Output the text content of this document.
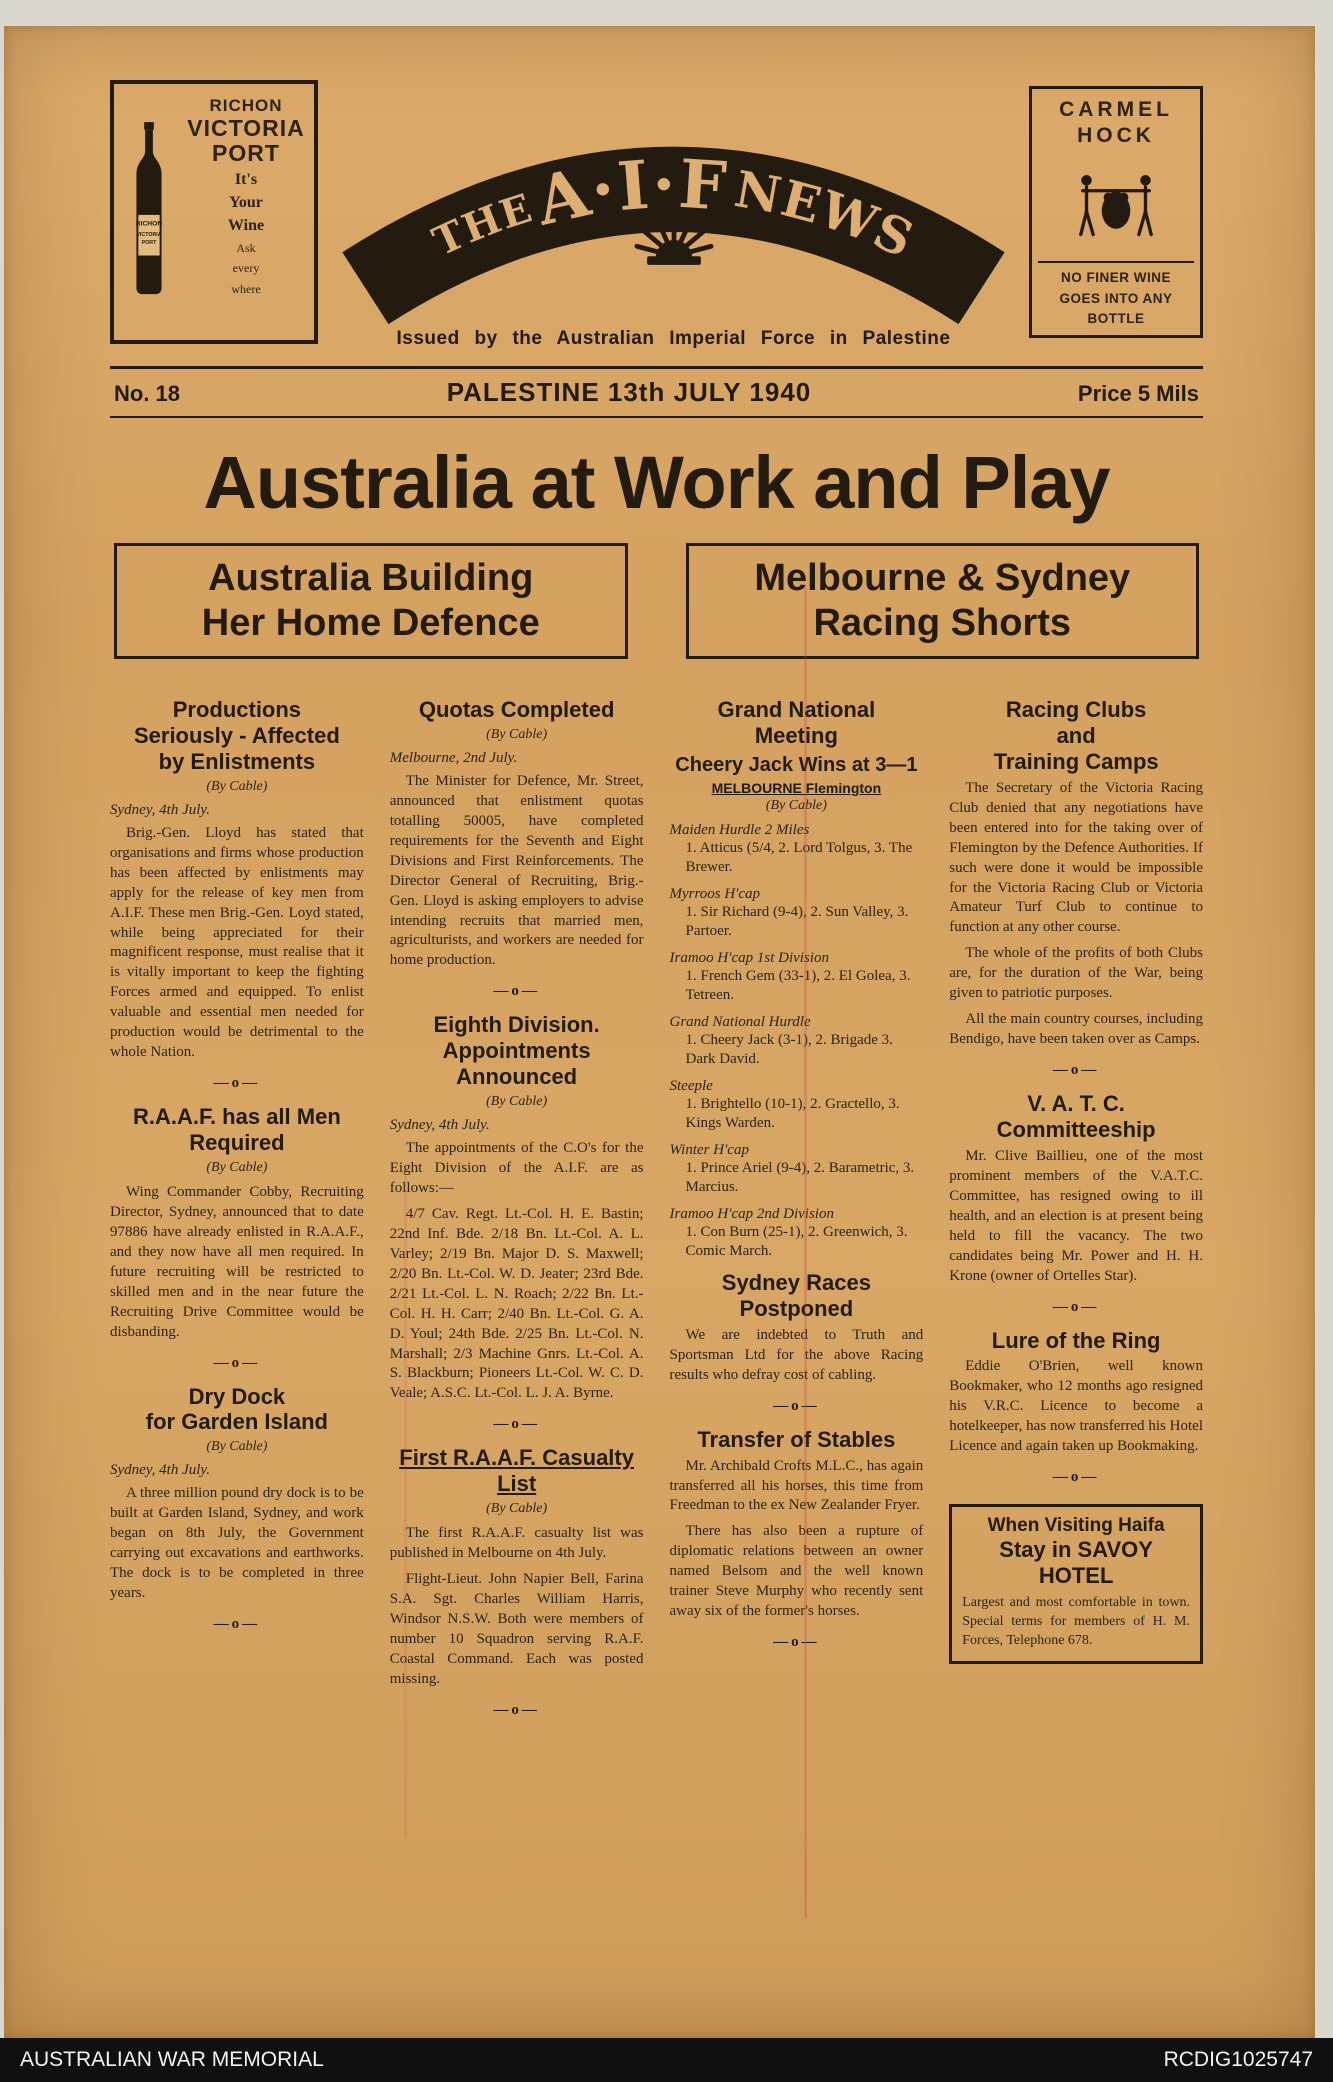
RICHON
VICTORIA
PORT
RICHON
VICTORIA
PORT
It's
Your
Wine
Ask
every
where
THE A·I·F NEWS
Issued by the Australian Imperial Force in Palestine
CARMEL
HOCK
NO FINER WINE
GOES INTO ANY
BOTTLE
No. 18	PALESTINE 13th JULY 1940	Price 5 Mils
Australia at Work and Play
Australia Building
Her Home Defence
Melbourne & Sydney
Racing Shorts
Productions
Seriously - Affected
by Enlistments
(By Cable)
Sydney, 4th July.

Brig.-Gen. Lloyd has stated that organisations and firms whose production has been affected by enlistments may apply for the release of key men from A.I.F. These men Brig.-Gen. Loyd stated, while being appreciated for their magnificent response, must realise that it is vitally important to keep the fighting Forces armed and equipped. To enlist valuable and essential men needed for production would be detrimental to the whole Nation.

—o—
R.A.A.F. has all Men
Required
(By Cable)

Wing Commander Cobby, Recruiting Director, Sydney, announced that to date 97886 have already enlisted in R.A.A.F., and they now have all men required. In future recruiting will be restricted to skilled men and in the near future the Recruiting Drive Committee would be disbanding.

—o—
Dry Dock
for Garden Island
(By Cable)
Sydney, 4th July.

A three million pound dry dock is to be built at Garden Island, Sydney, and work began on 8th July, the Government carrying out excavations and earthworks. The dock is to be completed in three years.

—o—
Quotas Completed
(By Cable)
Melbourne, 2nd July.

The Minister for Defence, Mr. Street, announced that enlistment quotas totalling 50005, have completed requirements for the Seventh and Eight Divisions and First Reinforcements. The Director General of Recruiting, Brig.-Gen. Lloyd is asking employers to advise intending recruits that married men, agriculturists, and workers are needed for home production.

—o—
Eighth Division.
Appointments
Announced
(By Cable)
Sydney, 4th July.

The appointments of the C.O's for the Eight Division of the A.I.F. are as follows:—

4/7 Cav. Regt. Lt.-Col. H. E. Bastin; 22nd Inf. Bde. 2/18 Bn. Lt.-Col. A. L. Varley; 2/19 Bn. Major D. S. Maxwell; 2/20 Bn. Lt.-Col. W. D. Jeater; 23rd Bde. 2/21 Lt.-Col. L. N. Roach; 2/22 Bn. Lt.-Col. H. H. Carr; 2/40 Bn. Lt.-Col. G. A. D. Youl; 24th Bde. 2/25 Bn. Lt.-Col. N. Marshall; 2/3 Machine Gnrs. Lt.-Col. A. S. Blackburn; Pioneers Lt.-Col. W. C. D. Veale; A.S.C. Lt.-Col. L. J. A. Byrne.

—o—
First R.A.A.F. Casualty List
(By Cable)

The first R.A.A.F. casualty list was published in Melbourne on 4th July.

Flight-Lieut. John Napier Bell, Farina S.A. Sgt. Charles William Harris, Windsor N.S.W. Both were members of number 10 Squadron serving R.A.F. Coastal Command. Each was posted missing.

—o—
Grand National
Meeting
Cheery Jack Wins at 3—1
MELBOURNE Flemington
(By Cable)
Maiden Hurdle 2 Miles
1. Atticus (5/4, 2. Lord Tolgus, 3. The Brewer.
Myrroos H'cap
1. Sir Richard (9-4), 2. Sun Valley, 3. Partoer.
Iramoo H'cap 1st Division
1. French Gem (33-1), 2. El Golea, 3. Tetreen.
Grand National Hurdle
1. Cheery Jack (3-1), 2. Brigade 3. Dark David.
Steeple
1. Brightello (10-1), 2. Gractello, 3. Kings Warden.
Winter H'cap
1. Prince Ariel (9-4), 2. Barametric, 3. Marcius.
Iramoo H'cap 2nd Division
1. Con Burn (25-1), 2. Greenwich, 3. Comic March.
Sydney Races
Postponed

We are indebted to Truth and Sportsman Ltd for the above Racing results who defray cost of cabling.

—o—
Transfer of Stables

Mr. Archibald Crofts M.L.C., has again transferred all his horses, this time from Freedman to the ex New Zealander Fryer.

There has also been a rupture of diplomatic relations between an owner named Belsom and the well known trainer Steve Murphy who recently sent away six of the former's horses.

—o—
Racing Clubs
and
Training Camps

The Secretary of the Victoria Racing Club denied that any negotiations have been entered into for the taking over of Flemington by the Defence Authorities. If such were done it would be impossible for the Victoria Racing Club or Victoria Amateur Turf Club to continue to function at any other course.

The whole of the profits of both Clubs are, for the duration of the War, being given to patriotic purposes.

All the main country courses, including Bendigo, have been taken over as Camps.

—o—
V. A. T. C.
Committeeship

Mr. Clive Baillieu, one of the most prominent members of the V.A.T.C. Committee, has resigned owing to ill health, and an election is at present being held to fill the vacancy. The two candidates being Mr. Power and H. H. Krone (owner of Ortelles Star).

—o—
Lure of the Ring

Eddie O'Brien, well known Bookmaker, who 12 months ago resigned his V.R.C. Licence to become a hotelkeeper, has now transferred his Hotel Licence and again taken up Bookmaking.

—o—
When Visiting Haifa
Stay in SAVOY HOTEL
Largest and most comfortable in town. Special terms for members of H. M. Forces, Telephone 678.
AUSTRALIAN WAR MEMORIAL	RCDIG1025747
